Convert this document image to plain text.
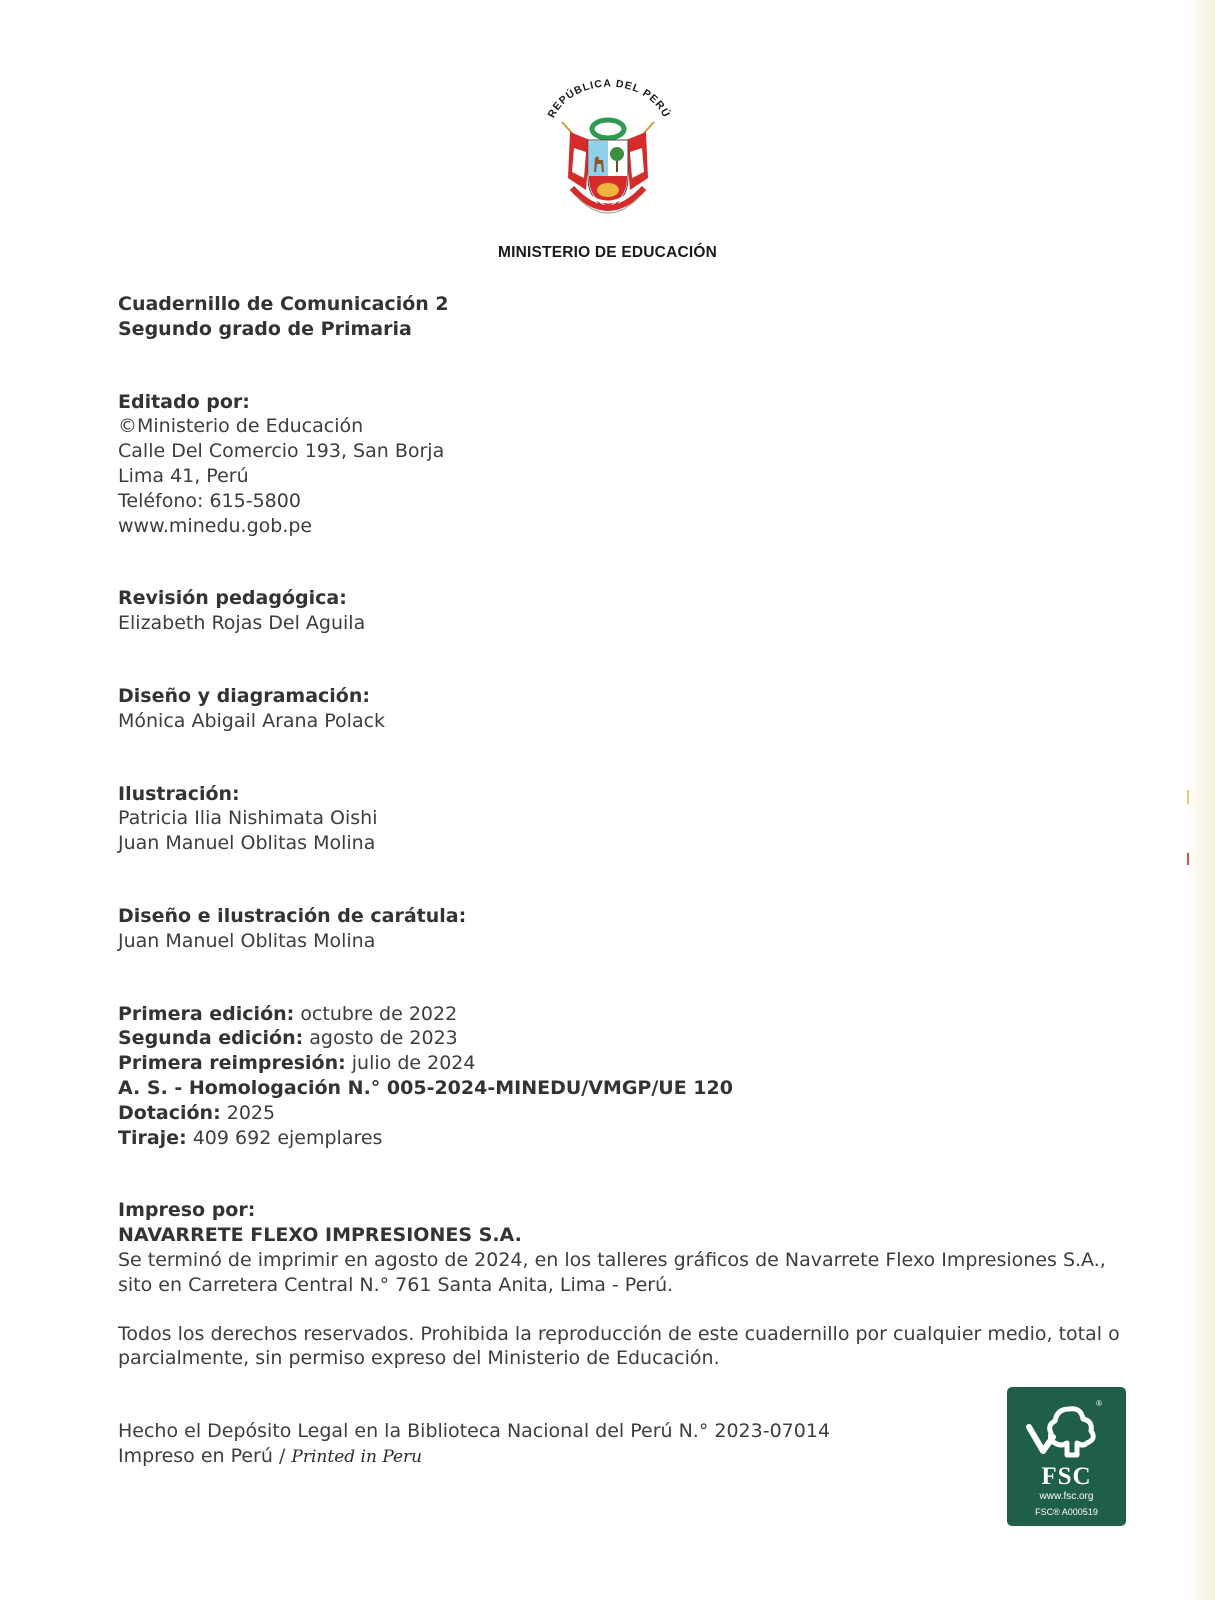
REPÚBLICA DEL PERÚ
MINISTERIO DE EDUCACIÓN
Cuadernillo de Comunicación 2
Segundo grado de Primaria
Editado por:
©Ministerio de Educación
Calle Del Comercio 193, San Borja
Lima 41, Perú
Teléfono: 615-5800
www.minedu.gob.pe
Revisión pedagógica:
Elizabeth Rojas Del Aguila
Diseño y diagramación:
Mónica Abigail Arana Polack
Ilustración:
Patricia Ilia Nishimata Oishi
Juan Manuel Oblitas Molina
Diseño e ilustración de carátula:
Juan Manuel Oblitas Molina
Primera edición: octubre de 2022
Segunda edición: agosto de 2023
Primera reimpresión: julio de 2024
A. S. - Homologación N.° 005-2024-MINEDU/VMGP/UE 120
Dotación: 2025
Tiraje: 409 692 ejemplares
Impreso por:
NAVARRETE FLEXO IMPRESIONES S.A.
Se terminó de imprimir en agosto de 2024, en los talleres gráficos de Navarrete Flexo Impresiones S.A.,
sito en Carretera Central N.° 761 Santa Anita, Lima - Perú.
Todos los derechos reservados. Prohibida la reproducción de este cuadernillo por cualquier medio, total o
parcialmente, sin permiso expreso del Ministerio de Educación.
Hecho el Depósito Legal en la Biblioteca Nacional del Perú N.° 2023-07014
Impreso en Perú / Printed in Peru
®
FSC
www.fsc.org
FSC® A000519
